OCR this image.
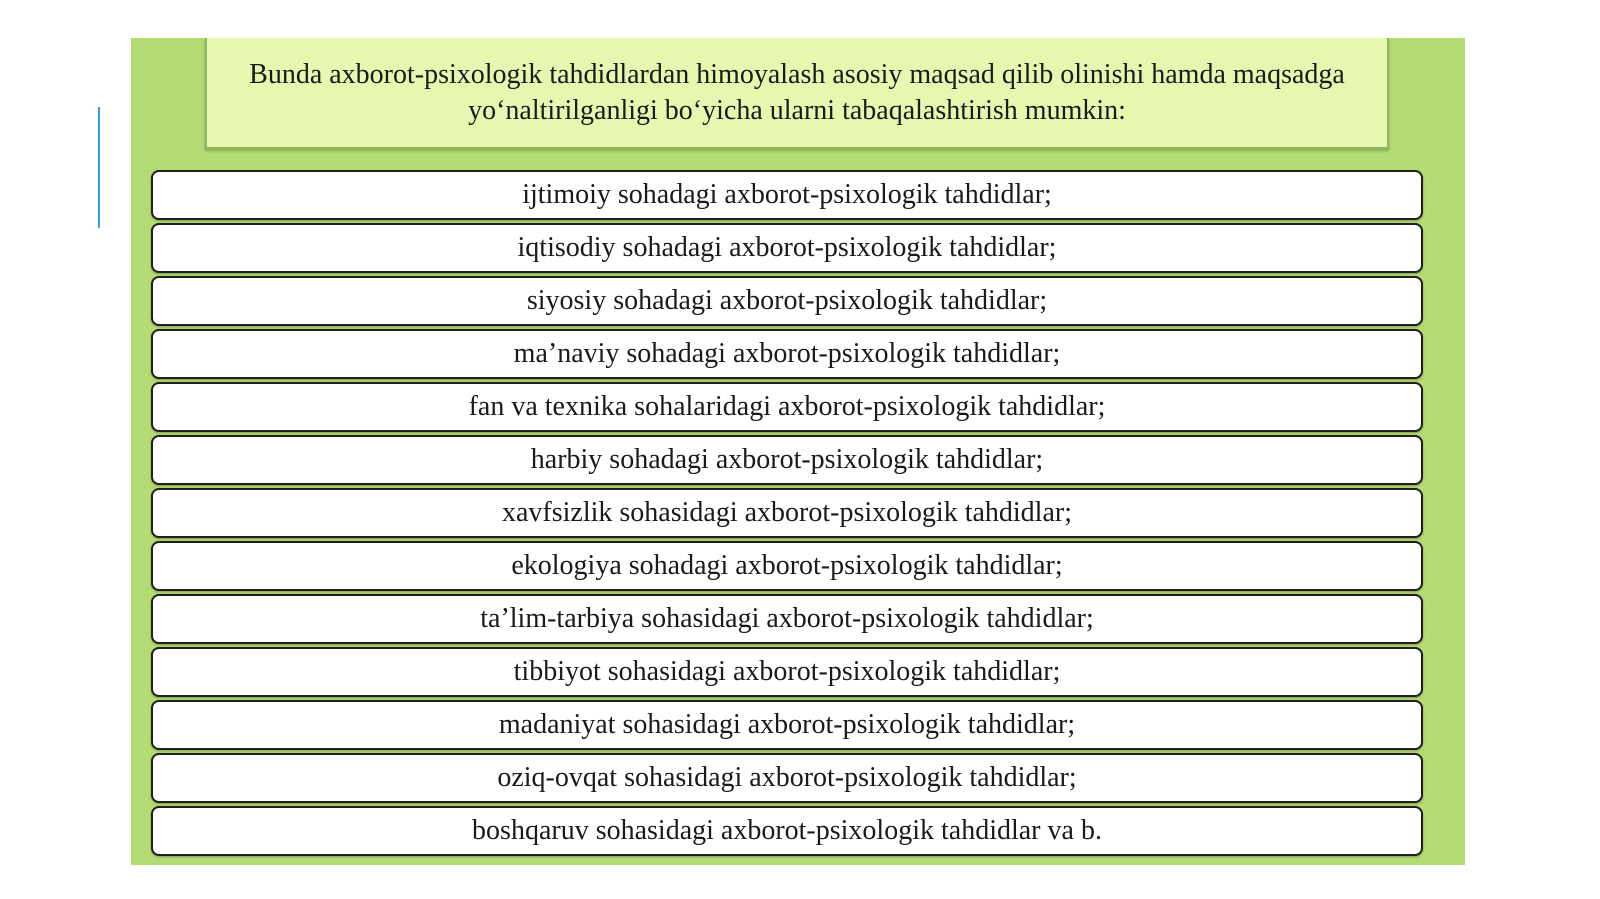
Bunda axborot-psixologik tahdidlardan himoyalash asosiy maqsad qilib olinishi hamda maqsadga yo‘naltirilganligi bo‘yicha ularni tabaqalashtirish mumkin:

ijtimoiy sohadagi axborot-psixologik tahdidlar;
iqtisodiy sohadagi axborot-psixologik tahdidlar;
siyosiy sohadagi axborot-psixologik tahdidlar;
ma’naviy sohadagi axborot-psixologik tahdidlar;
fan va texnika sohalaridagi axborot-psixologik tahdidlar;
harbiy sohadagi axborot-psixologik tahdidlar;
xavfsizlik sohasidagi axborot-psixologik tahdidlar;
ekologiya sohadagi axborot-psixologik tahdidlar;
ta’lim-tarbiya sohasidagi axborot-psixologik tahdidlar;
tibbiyot sohasidagi axborot-psixologik tahdidlar;
madaniyat sohasidagi axborot-psixologik tahdidlar;
oziq-ovqat sohasidagi axborot-psixologik tahdidlar;
boshqaruv sohasidagi axborot-psixologik tahdidlar va b.
